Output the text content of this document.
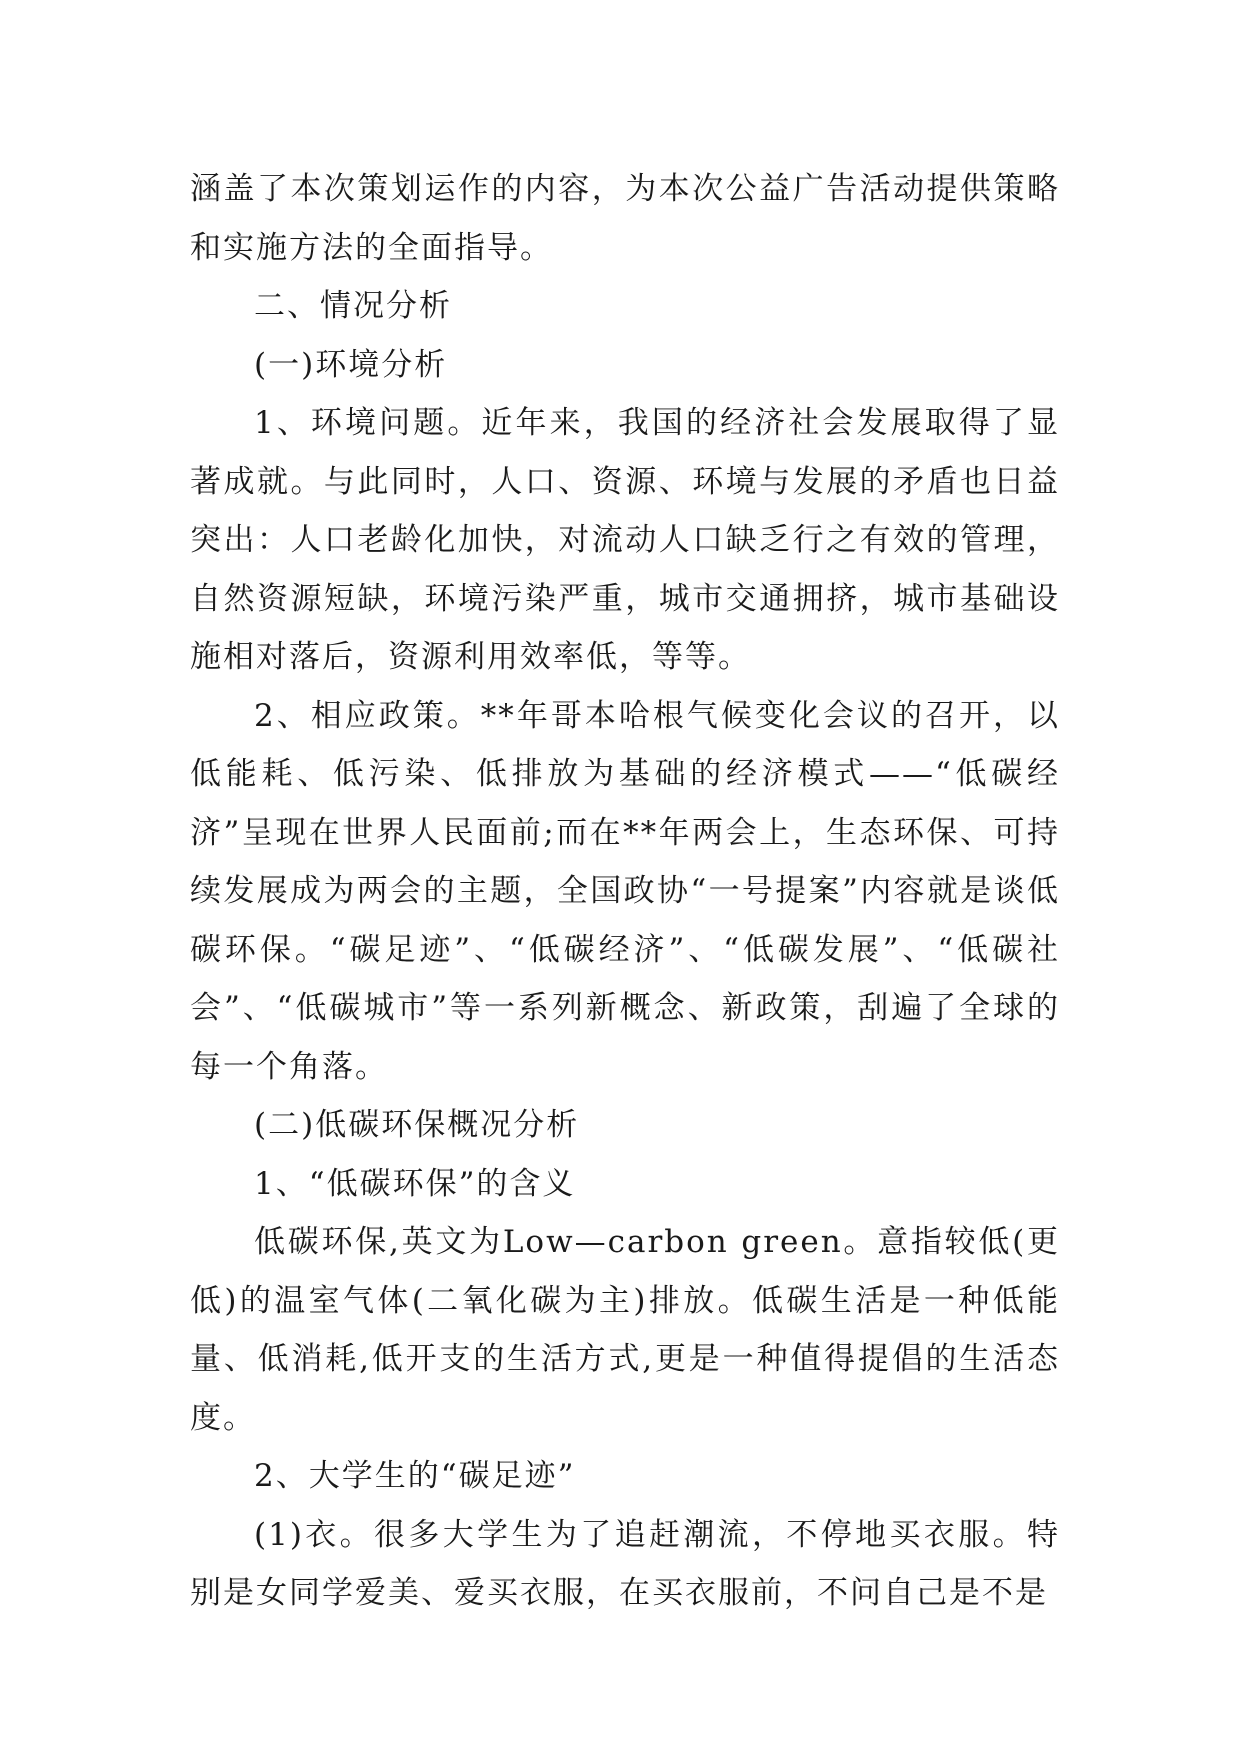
涵盖了本次策划运作的内容，为本次公益广告活动提供策略和实施方法的全面指导。

二、情况分析

(一)环境分析

1、环境问题。近年来，我国的经济社会发展取得了显著成就。与此同时，人口、资源、环境与发展的矛盾也日益突出：人口老龄化加快，对流动人口缺乏行之有效的管理，自然资源短缺，环境污染严重，城市交通拥挤，城市基础设施相对落后，资源利用效率低，等等。

2、相应政策。**年哥本哈根气候变化会议的召开，以低能耗、低污染、低排放为基础的经济模式——“低碳经济”呈现在世界人民面前;而在**年两会上，生态环保、可持续发展成为两会的主题，全国政协“一号提案”内容就是谈低碳环保。“碳足迹”、“低碳经济”、“低碳发展”、“低碳社会”、“低碳城市”等一系列新概念、新政策，刮遍了全球的每一个角落。

(二)低碳环保概况分析

1、“低碳环保”的含义

低碳环保,英文为Low—carbon green。意指较低(更低)的温室气体(二氧化碳为主)排放。低碳生活是一种低能量、低消耗,低开支的生活方式,更是一种值得提倡的生活态度。

2、大学生的“碳足迹”

(1)衣。很多大学生为了追赶潮流，不停地买衣服。特别是女同学爱美、爱买衣服，在买衣服前，不问自己是不是
